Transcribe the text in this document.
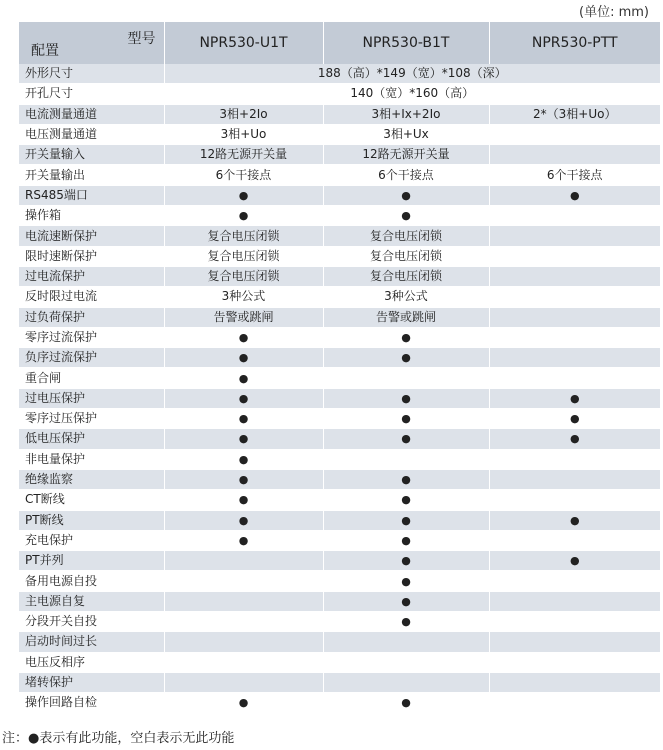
(单位: mm)
型号
配置	NPR530-U1T	NPR530-B1T	NPR530-PTT
外形尺寸	188（高）*149（宽）*108（深）		
开孔尺寸	140（宽）*160（高）		
电流测量通道	3相+2Io	3相+Ix+2Io	2*（3相+Uo）
电压测量通道	3相+Uo	3相+Ux	
开关量输入	12路无源开关量	12路无源开关量	
开关量输出	6个干接点	6个干接点	6个干接点
RS485端口	●	●	●
操作箱	●	●	
电流速断保护	复合电压闭锁	复合电压闭锁	
限时速断保护	复合电压闭锁	复合电压闭锁	
过电流保护	复合电压闭锁	复合电压闭锁	
反时限过电流	3种公式	3种公式	
过负荷保护	告警或跳闸	告警或跳闸	
零序过流保护	●	●	
负序过流保护	●	●	
重合闸	●		
过电压保护	●	●	●
零序过压保护	●	●	●
低电压保护	●	●	●
非电量保护	●		
绝缘监察	●	●	
CT断线	●	●	
PT断线	●	●	●
充电保护	●	●	
PT并列		●	●
备用电源自投		●	
主电源自复		●	
分段开关自投		●	
启动时间过长			
电压反相序			
堵转保护			
操作回路自检	●	●	
注：●表示有此功能，空白表示无此功能
